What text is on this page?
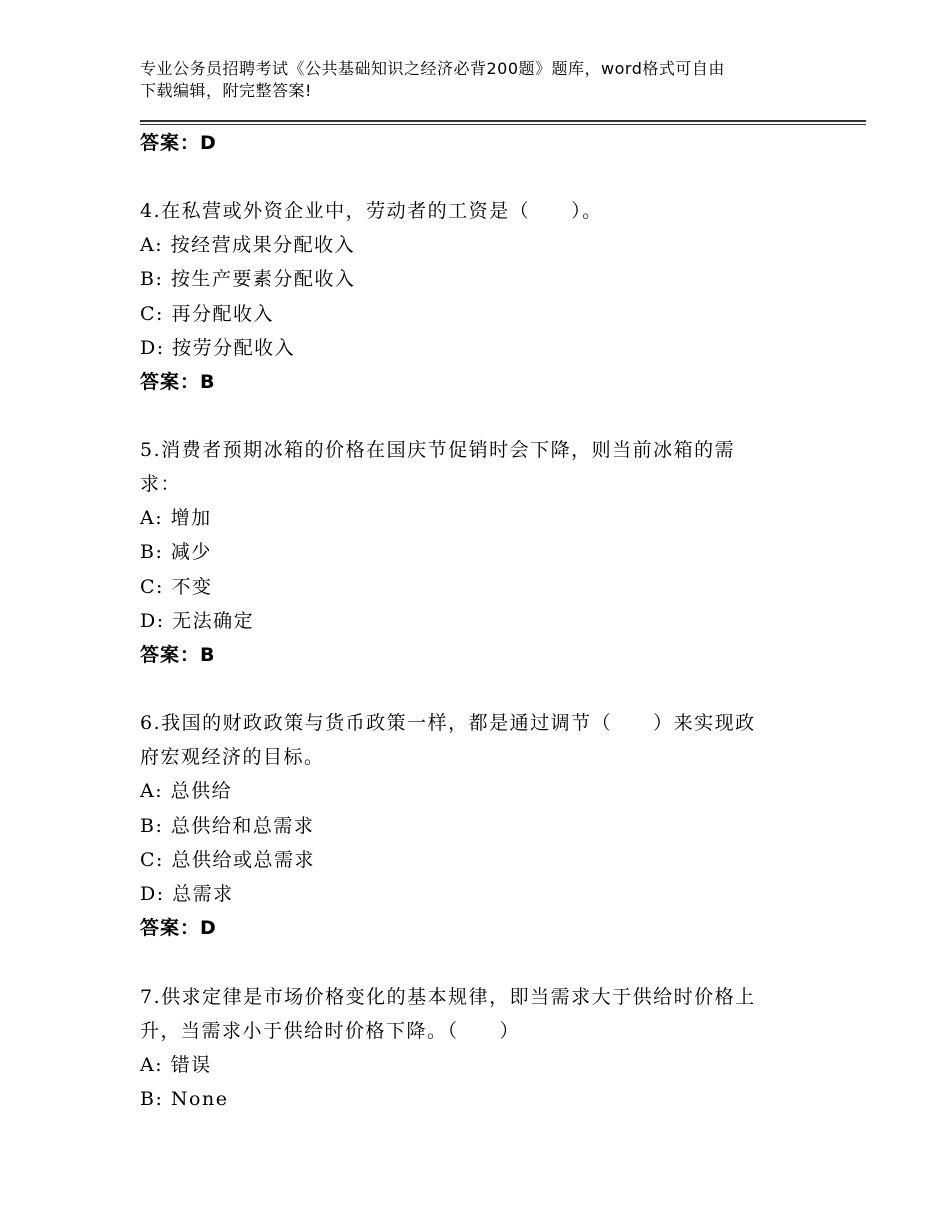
专业公务员招聘考试《公共基础知识之经济必背200题》题库，word格式可自由
下载编辑，附完整答案!
答案：D
4.在私营或外资企业中，劳动者的工资是（　　）。
A: 按经营成果分配收入
B: 按生产要素分配收入
C: 再分配收入
D: 按劳分配收入
答案：B
5.消费者预期冰箱的价格在国庆节促销时会下降，则当前冰箱的需
求：
A: 增加
B: 减少
C: 不变
D: 无法确定
答案：B
6.我国的财政政策与货币政策一样，都是通过调节（　　）来实现政
府宏观经济的目标。
A: 总供给
B: 总供给和总需求
C: 总供给或总需求
D: 总需求
答案：D
7.供求定律是市场价格变化的基本规律，即当需求大于供给时价格上
升，当需求小于供给时价格下降。（　　）
A: 错误
B: None
